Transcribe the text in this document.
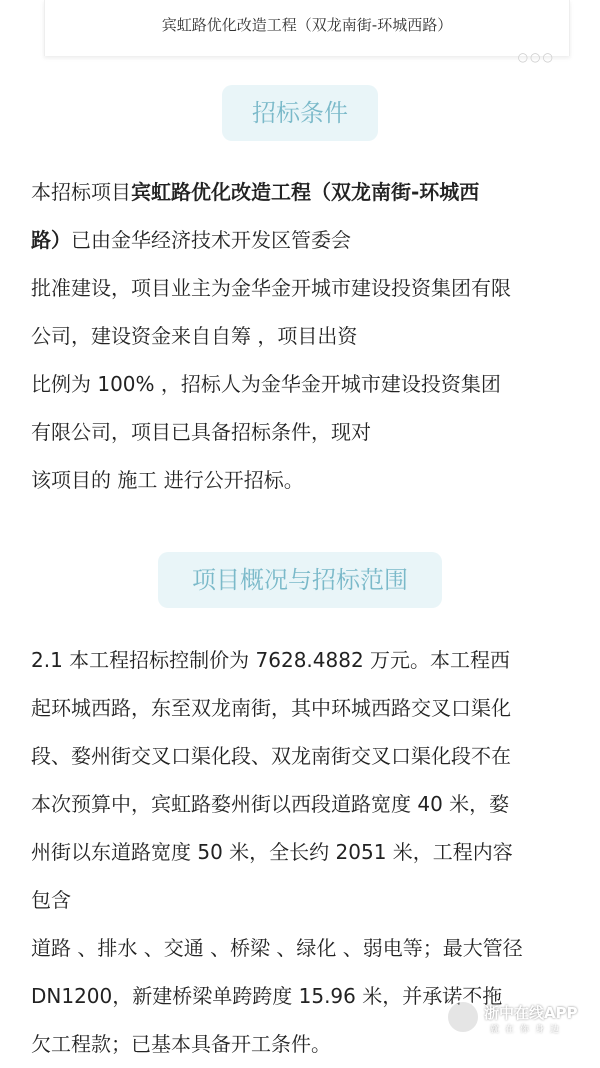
宾虹路优化改造工程（双龙南街-环城西路）
○○○
招标条件
本招标项目宾虹路优化改造工程（双龙南街-环城西
路）已由金华经济技术开发区管委会
批准建设，项目业主为金华金开城市建设投资集团有限
公司，建设资金来自自筹 ，项目出资
比例为 100% ，招标人为金华金开城市建设投资集团
有限公司，项目已具备招标条件，现对
该项目的 施工 进行公开招标。
项目概况与招标范围
2.1 本工程招标控制价为 7628.4882 万元。本工程西
起环城西路，东至双龙南街，其中环城西路交叉口渠化
段、婺州街交叉口渠化段、双龙南街交叉口渠化段不在
本次预算中，宾虹路婺州街以西段道路宽度 40 米，婺
州街以东道路宽度 50 米，全长约 2051 米，工程内容
包含
道路 、排水 、交通 、桥梁 、绿化 、弱电等；最大管径
DN1200，新建桥梁单跨跨度 15.96 米，并承诺不拖
欠工程款；已基本具备开工条件。
浙中在线APP
就在你身边
